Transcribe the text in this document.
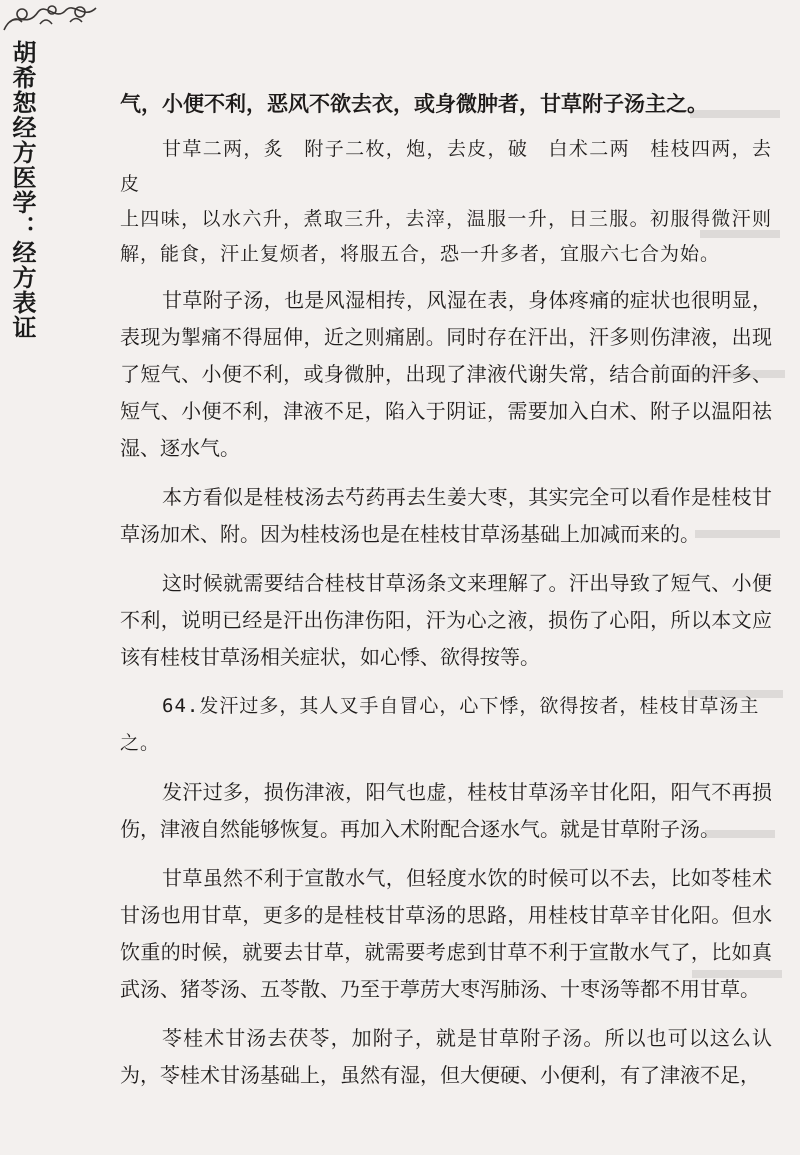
胡希恕经方医学：经方表证	气，小便不利，恶风不欲去衣，或身微肿者，甘草附子汤主之。

甘草二两，炙　附子二枚，炮，去皮，破　白术二两　桂枝四两，去皮

上四味，以水六升，煮取三升，去滓，温服一升，日三服。初服得微汗则解，能食，汗止复烦者，将服五合，恐一升多者，宜服六七合为始。

甘草附子汤，也是风湿相抟，风湿在表，身体疼痛的症状也很明显，表现为掣痛不得屈伸，近之则痛剧。同时存在汗出，汗多则伤津液，出现了短气、小便不利，或身微肿，出现了津液代谢失常，结合前面的汗多、短气、小便不利，津液不足，陷入于阴证，需要加入白术、附子以温阳祛湿、逐水气。

本方看似是桂枝汤去芍药再去生姜大枣，其实完全可以看作是桂枝甘草汤加术、附。因为桂枝汤也是在桂枝甘草汤基础上加减而来的。

这时候就需要结合桂枝甘草汤条文来理解了。汗出导致了短气、小便不利，说明已经是汗出伤津伤阳，汗为心之液，损伤了心阳，所以本文应该有桂枝甘草汤相关症状，如心悸、欲得按等。

64.发汗过多，其人叉手自冒心，心下悸，欲得按者，桂枝甘草汤主之。

发汗过多，损伤津液，阳气也虚，桂枝甘草汤辛甘化阳，阳气不再损伤，津液自然能够恢复。再加入术附配合逐水气。就是甘草附子汤。

甘草虽然不利于宣散水气，但轻度水饮的时候可以不去，比如苓桂术甘汤也用甘草，更多的是桂枝甘草汤的思路，用桂枝甘草辛甘化阳。但水饮重的时候，就要去甘草，就需要考虑到甘草不利于宣散水气了，比如真武汤、猪苓汤、五苓散、乃至于葶苈大枣泻肺汤、十枣汤等都不用甘草。

苓桂术甘汤去茯苓，加附子，就是甘草附子汤。所以也可以这么认为，苓桂术甘汤基础上，虽然有湿，但大便硬、小便利，有了津液不足，
